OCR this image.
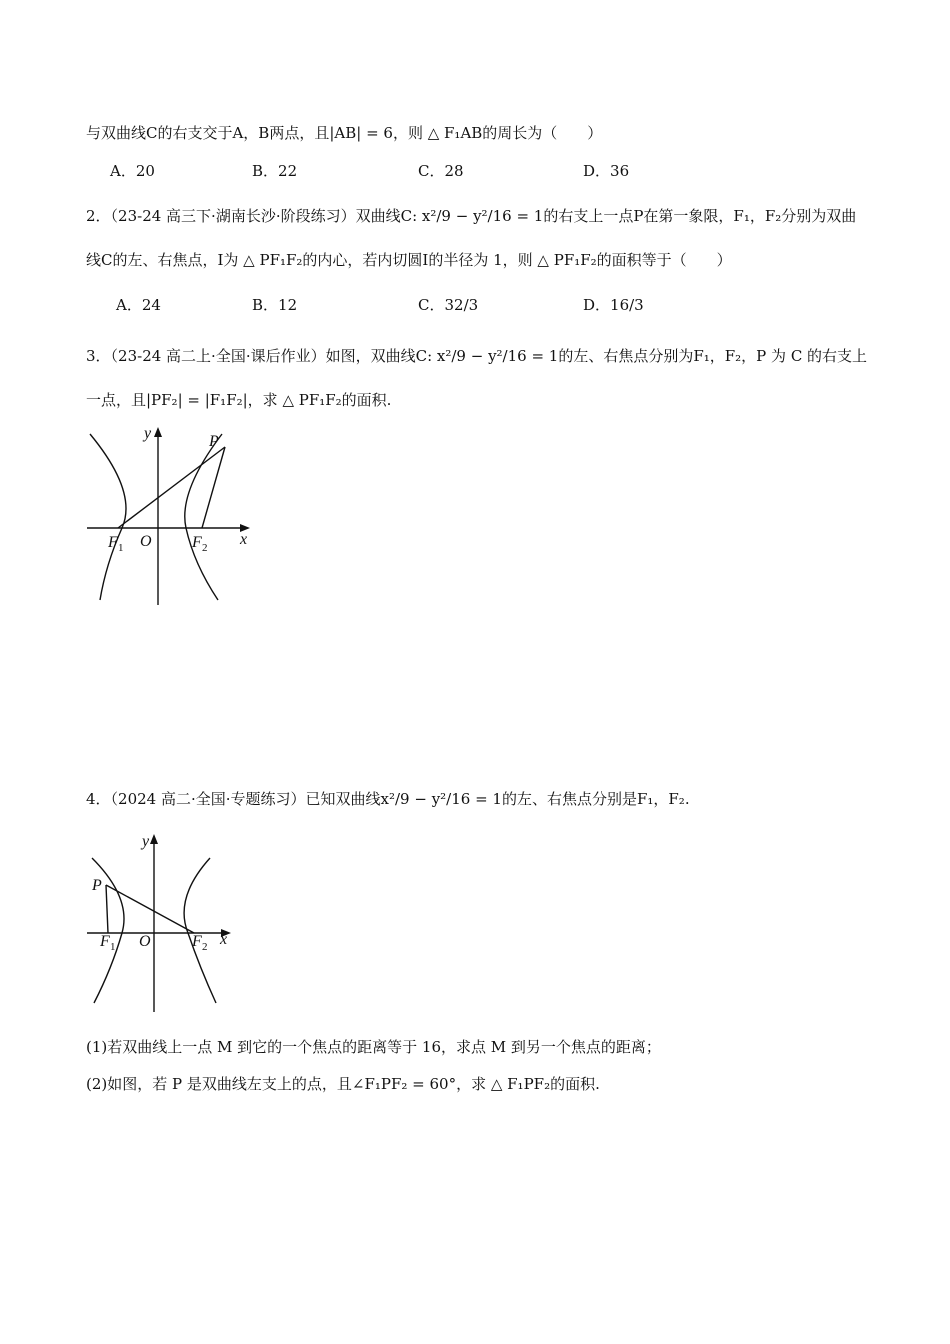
与双曲线C的右支交于A，B两点，且|AB| = 6，则 △ F₁AB的周长为（　　）
A．20	B．22	C．28	D．36
2．（23-24 高三下·湖南长沙·阶段练习）双曲线C: x²/9 − y²/16 = 1的右支上一点P在第一象限，F₁，F₂分别为双曲
线C的左、右焦点，I为 △ PF₁F₂的内心，若内切圆I的半径为 1，则 △ PF₁F₂的面积等于（　　）
A．24	B．12	C．32/3	D．16/3
3．（23-24 高二上·全国·课后作业）如图，双曲线C: x²/9 − y²/16 = 1的左、右焦点分别为F₁，F₂，P 为 C 的右支上
一点，且|PF₂| = |F₁F₂|，求 △ PF₁F₂的面积.
y	P
x
O
F 1	F 2
4．（2024 高二·全国·专题练习）已知双曲线x²/9 − y²/16 = 1的左、右焦点分别是F₁，F₂.
y
P
x
O
F 1	F 2
(1)若双曲线上一点 M 到它的一个焦点的距离等于 16，求点 M 到另一个焦点的距离；
(2)如图，若 P 是双曲线左支上的点，且∠F₁PF₂ = 60°，求 △ F₁PF₂的面积.
